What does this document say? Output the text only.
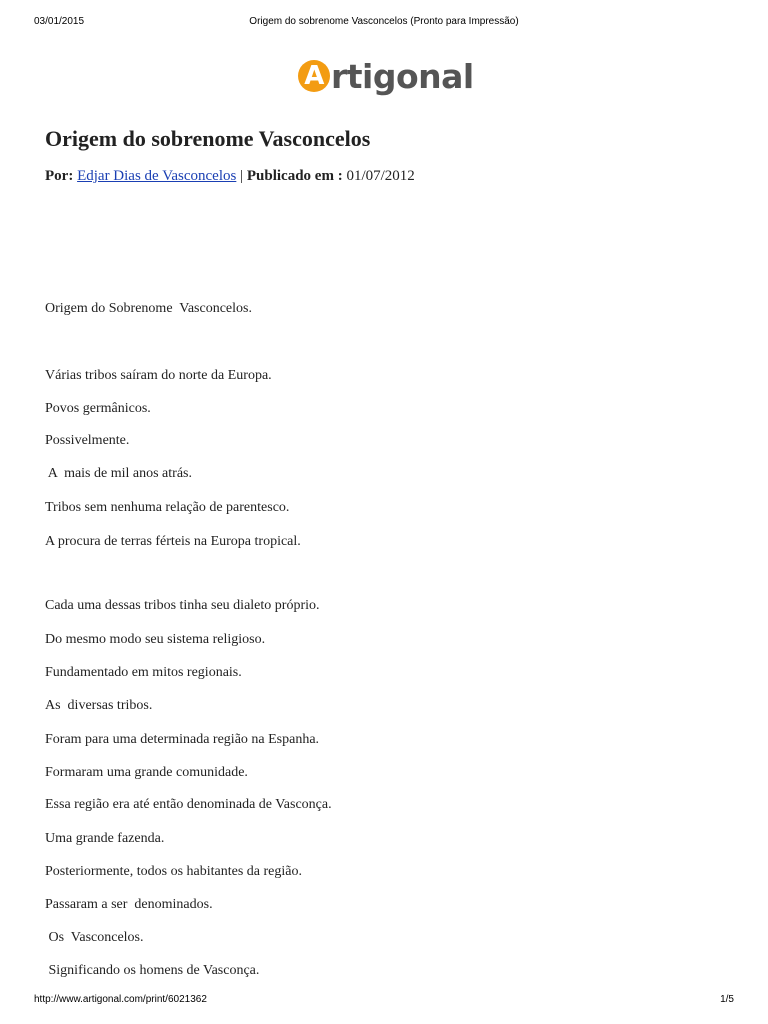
03/01/2015	Origem do sobrenome Vasconcelos (Pronto para Impressão)
A rtigonal
Origem do sobrenome Vasconcelos
Por: Edjar Dias de Vasconcelos | Publicado em : 01/07/2012
Origem do Sobrenome  Vasconcelos.
Várias tribos saíram do norte da Europa.
Povos germânicos.
Possivelmente.
A  mais de mil anos atrás.
Tribos sem nenhuma relação de parentesco.
A procura de terras férteis na Europa tropical.
Cada uma dessas tribos tinha seu dialeto próprio.
Do mesmo modo seu sistema religioso.
Fundamentado em mitos regionais.
As  diversas tribos.
Foram para uma determinada região na Espanha.
Formaram uma grande comunidade.
Essa região era até então denominada de Vasconça.
Uma grande fazenda.
Posteriormente, todos os habitantes da região.
Passaram a ser  denominados.
Os  Vasconcelos.
Significando os homens de Vasconça.
http://www.artigonal.com/print/6021362	1/5
